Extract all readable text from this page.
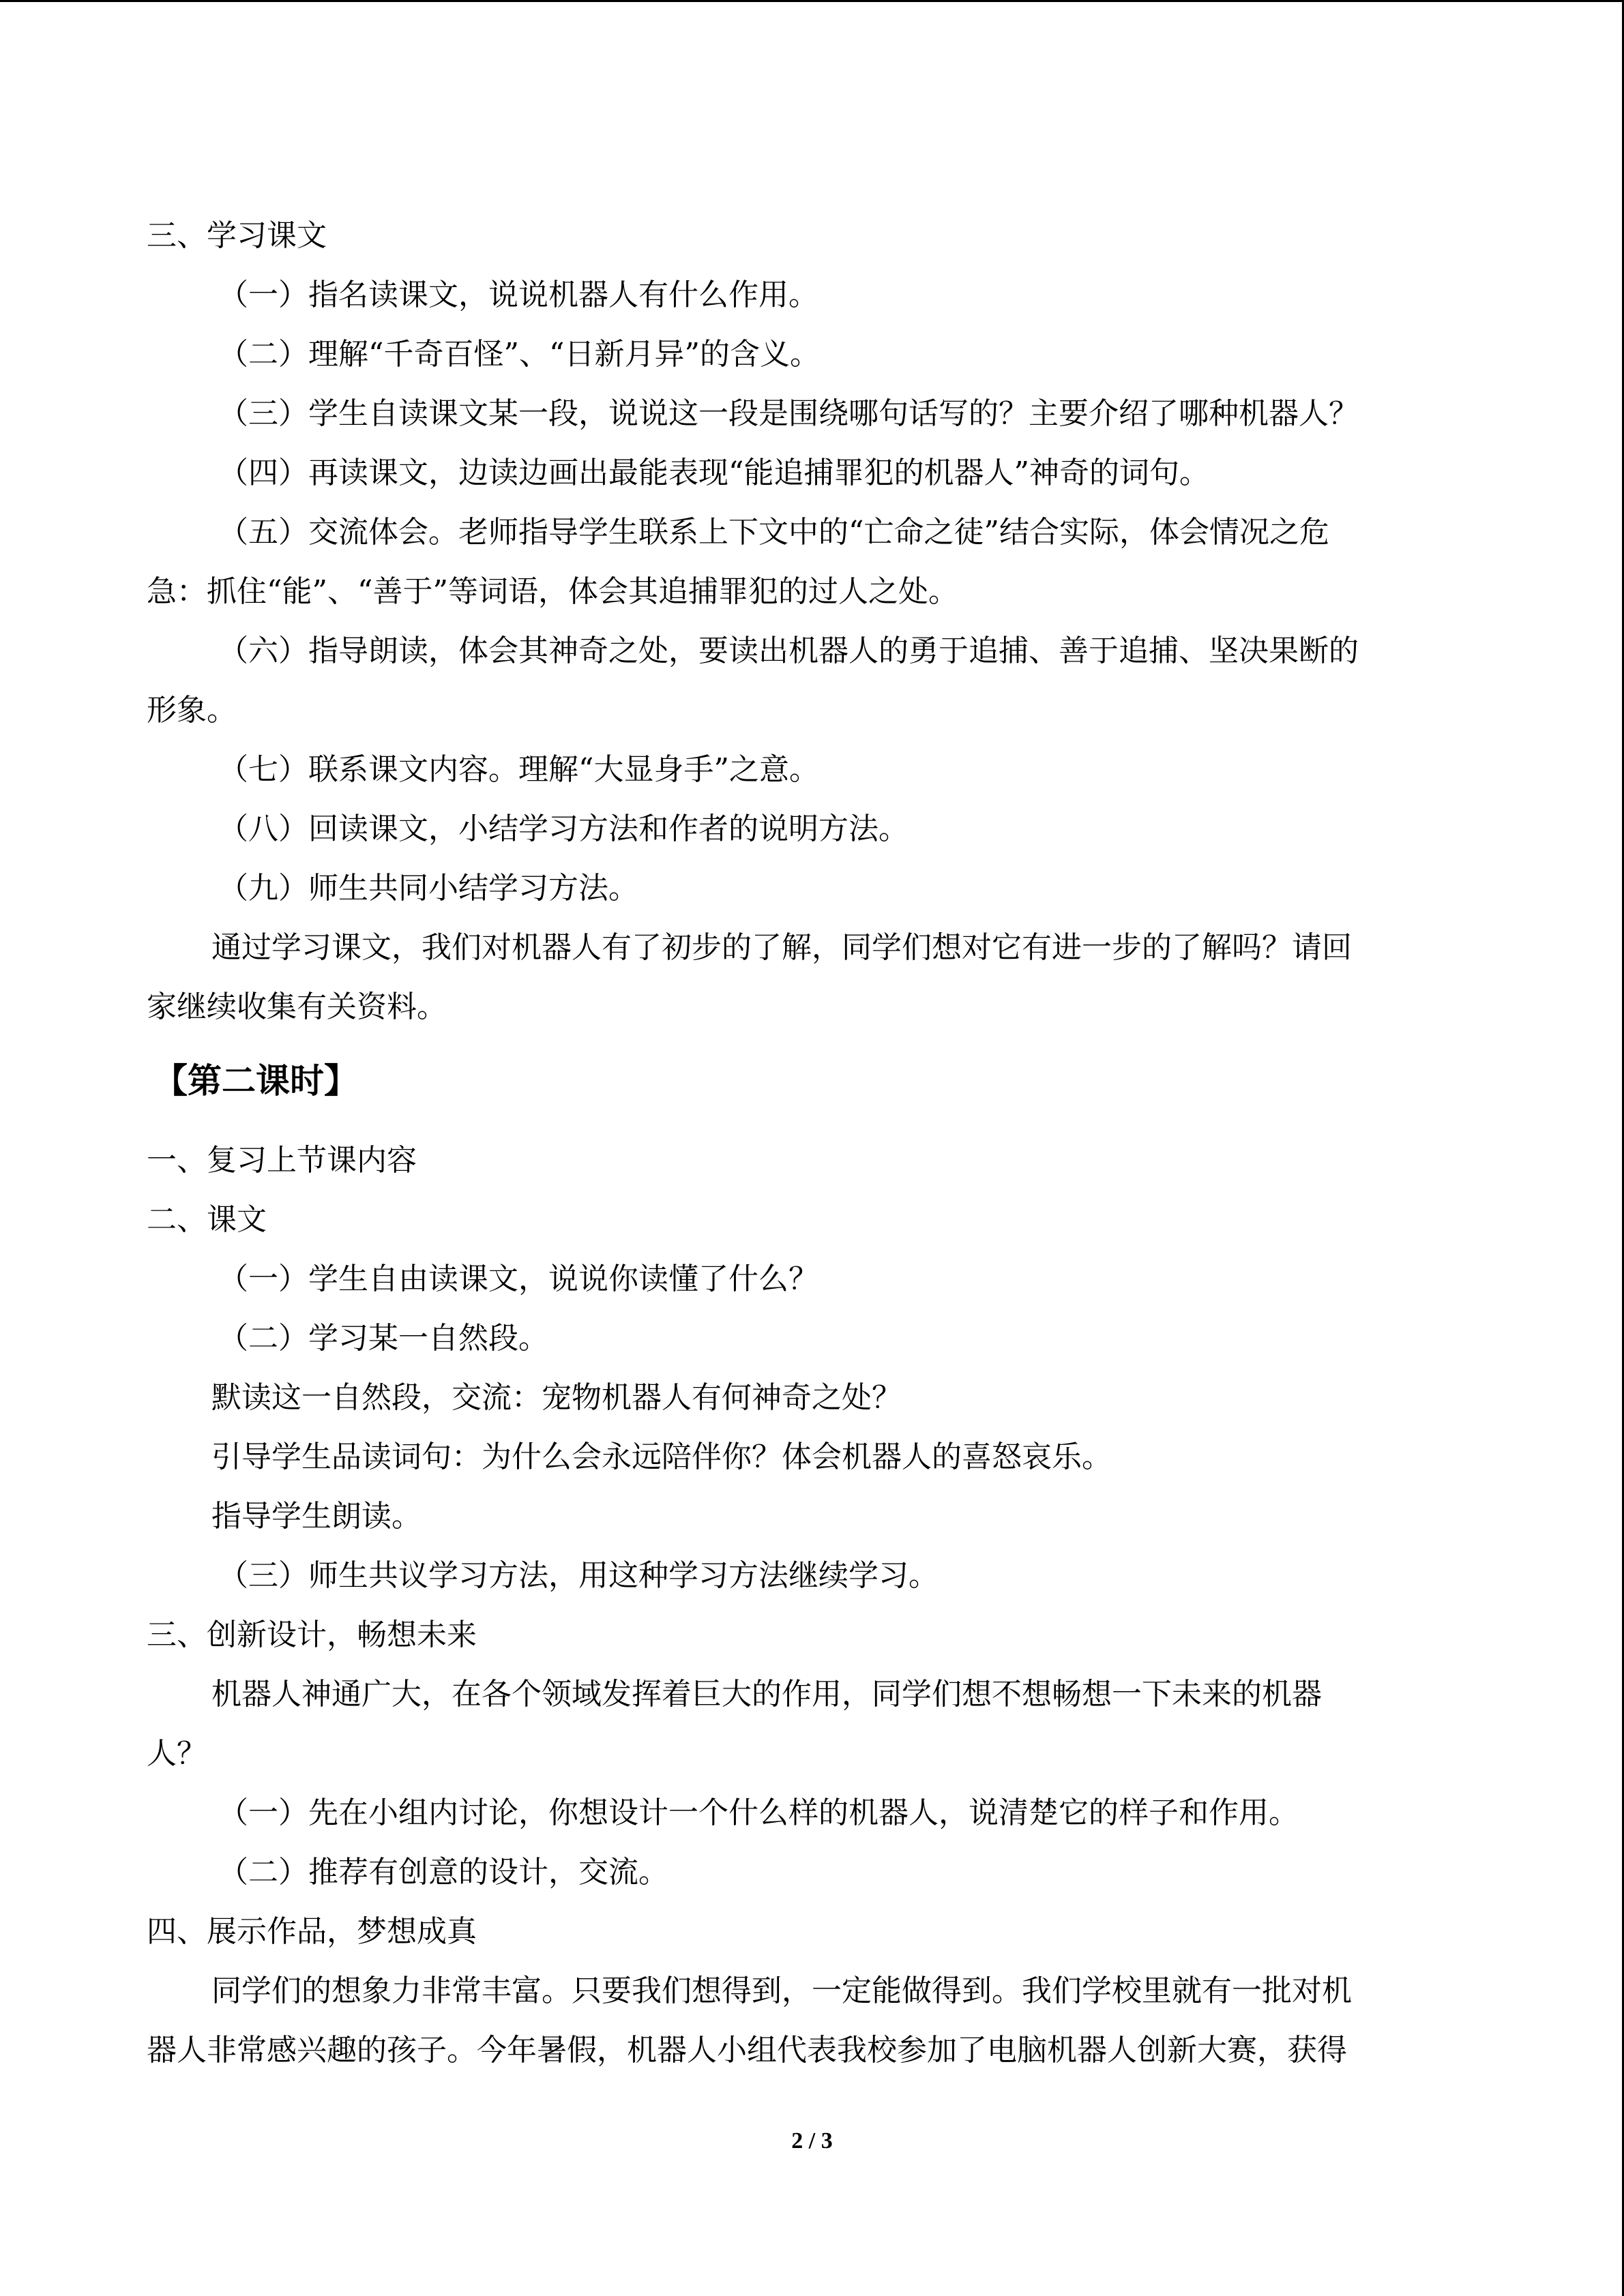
三、学习课文
（一）指名读课文，说说机器人有什么作用。
（二）理解“千奇百怪”、“日新月异”的含义。
（三）学生自读课文某一段，说说这一段是围绕哪句话写的？主要介绍了哪种机器人？
（四）再读课文，边读边画出最能表现“能追捕罪犯的机器人”神奇的词句。
（五）交流体会。老师指导学生联系上下文中的“亡命之徒”结合实际，体会情况之危
急：抓住“能”、“善于”等词语，体会其追捕罪犯的过人之处。
（六）指导朗读，体会其神奇之处，要读出机器人的勇于追捕、善于追捕、坚决果断的
形象。
（七）联系课文内容。理解“大显身手”之意。
（八）回读课文，小结学习方法和作者的说明方法。
（九）师生共同小结学习方法。
通过学习课文，我们对机器人有了初步的了解，同学们想对它有进一步的了解吗？请回
家继续收集有关资料。
【第二课时】
一、复习上节课内容
二、课文
（一）学生自由读课文，说说你读懂了什么？
（二）学习某一自然段。
默读这一自然段，交流：宠物机器人有何神奇之处？
引导学生品读词句：为什么会永远陪伴你？体会机器人的喜怒哀乐。
指导学生朗读。
（三）师生共议学习方法，用这种学习方法继续学习。
三、创新设计，畅想未来
机器人神通广大，在各个领域发挥着巨大的作用，同学们想不想畅想一下未来的机器
人？
（一）先在小组内讨论，你想设计一个什么样的机器人，说清楚它的样子和作用。
（二）推荐有创意的设计，交流。
四、展示作品，梦想成真
同学们的想象力非常丰富。只要我们想得到，一定能做得到。我们学校里就有一批对机
器人非常感兴趣的孩子。今年暑假，机器人小组代表我校参加了电脑机器人创新大赛，获得
2 / 3
